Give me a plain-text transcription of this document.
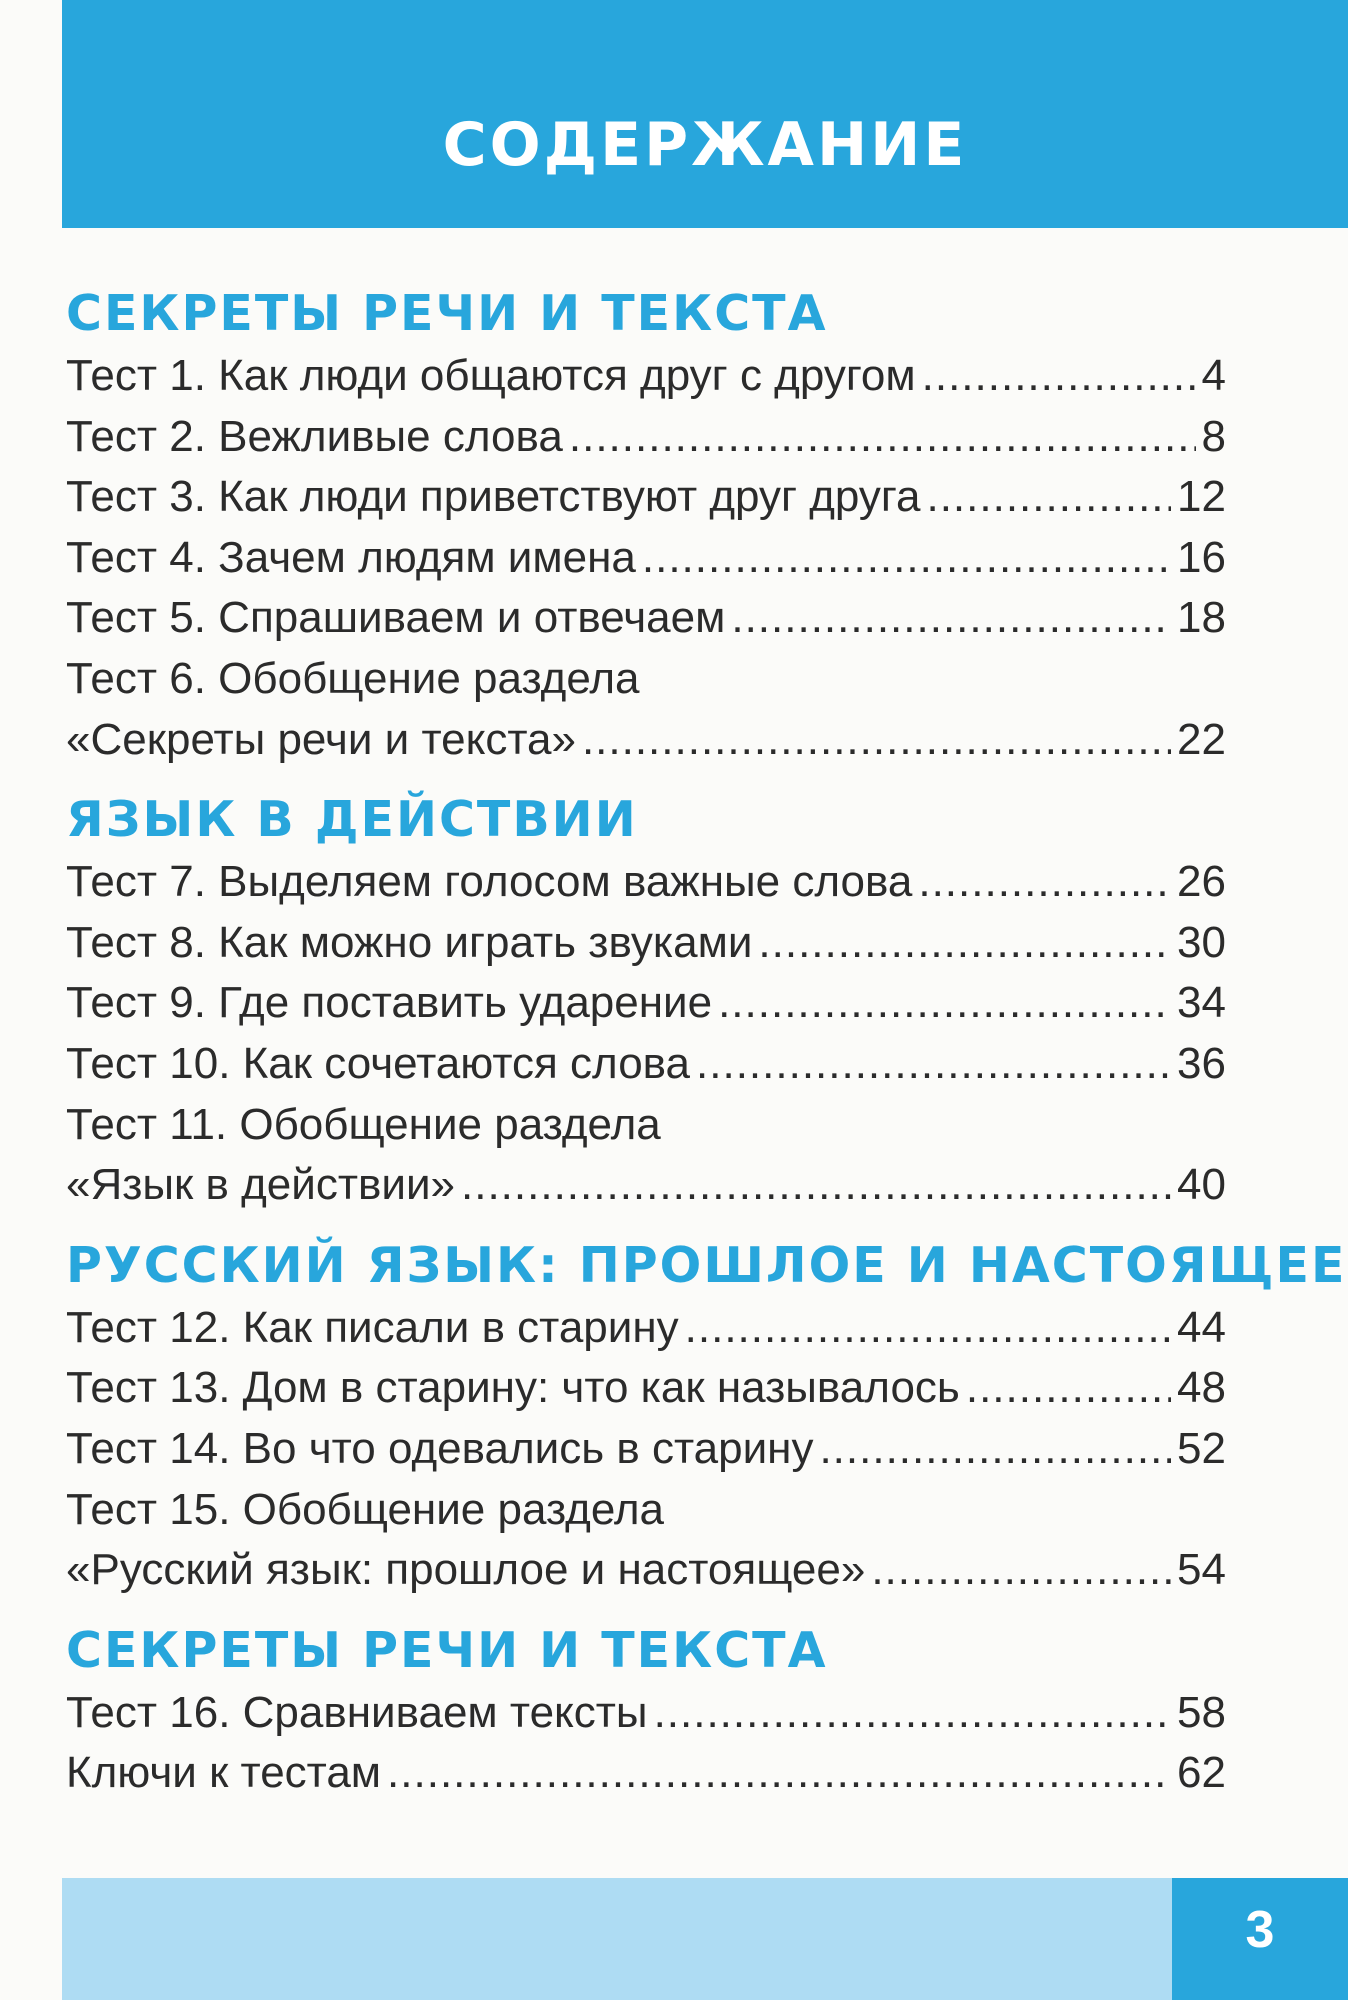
СОДЕРЖАНИЕ
СЕКРЕТЫ РЕЧИ И ТЕКСТА
Тест 1. Как люди общаются друг с другом .....	4
Тест 2. Вежливые слова .....	8
Тест 3. Как люди приветствуют друг друга .....	12
Тест 4. Зачем людям имена .....	16
Тест 5. Спрашиваем и отвечаем .....	18
Тест 6. Обобщение раздела
«Секреты речи и текста» .....	22
ЯЗЫК В ДЕЙСТВИИ
Тест 7. Выделяем голосом важные слова .....	26
Тест 8. Как можно играть звуками .....	30
Тест 9. Где поставить ударение .....	34
Тест 10. Как сочетаются слова .....	36
Тест 11. Обобщение раздела
«Язык в действии» .....	40
РУССКИЙ ЯЗЫК: ПРОШЛОЕ И НАСТОЯЩЕЕ
Тест 12. Как писали в старину .....	44
Тест 13. Дом в старину: что как называлось .....	48
Тест 14. Во что одевались в старину .....	52
Тест 15. Обобщение раздела
«Русский язык: прошлое и настоящее» .....	54
СЕКРЕТЫ РЕЧИ И ТЕКСТА
Тест 16. Сравниваем тексты .....	58
Ключи к тестам .....	62
3
